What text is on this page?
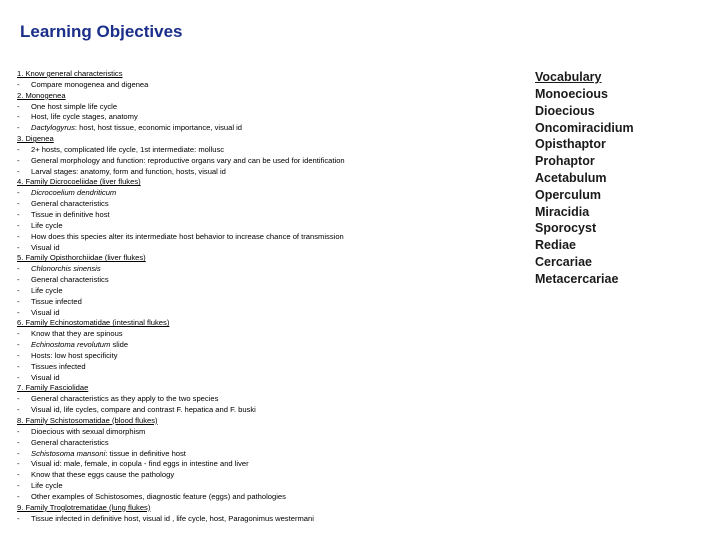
Learning Objectives
1. Know general characteristics
- Compare monogenea and digenea
2. Monogenea
- One host simple life cycle
- Host, life cycle stages, anatomy
- Dactylogyrus: host, host tissue, economic importance, visual id
3. Digenea
- 2+ hosts, complicated life cycle, 1st intermediate: mollusc
- General morphology and function: reproductive organs vary and can be used for identification
- Larval stages: anatomy, form and function, hosts, visual id
4. Family Dicrocoeliidae (liver flukes)
- Dicrocoelium dendriticum
- General characteristics
- Tissue in definitive host
- Life cycle
- How does this species alter its intermediate host behavior to increase chance of transmission
- Visual id
5. Family Opisthorchiidae (liver flukes)
- Chlonorchis sinensis
- General characteristics
- Life cycle
- Tissue infected
- Visual id
6. Family Echinostomatidae (intestinal flukes)
- Know that they are spinous
- Echinostoma revolutum slide
- Hosts: low host specificity
- Tissues infected
- Visual id
7. Family Fasciolidae
- General characteristics as they apply to the two species
- Visual id, life cycles, compare and contrast F. hepatica and F. buski
8. Family Schistosomatidae (blood flukes)
- Dioecious with sexual dimorphism
- General characteristics
- Schistosoma mansoni: tissue in definitive host
- Visual id: male, female, in copula - find eggs in intestine and liver
- Know that these eggs cause the pathology
- Life cycle
- Other examples of Schistosomes, diagnostic feature (eggs) and pathologies
9. Family Troglotrematidae (lung flukes)
- Tissue infected in definitive host, visual id , life cycle, host, Paragonimus westermani
Vocabulary
Monoecious
Dioecious
Oncomiracidium
Opisthaptor
Prohaptor
Acetabulum
Operculum
Miracidia
Sporocyst
Rediae
Cercariae
Metacercariae
